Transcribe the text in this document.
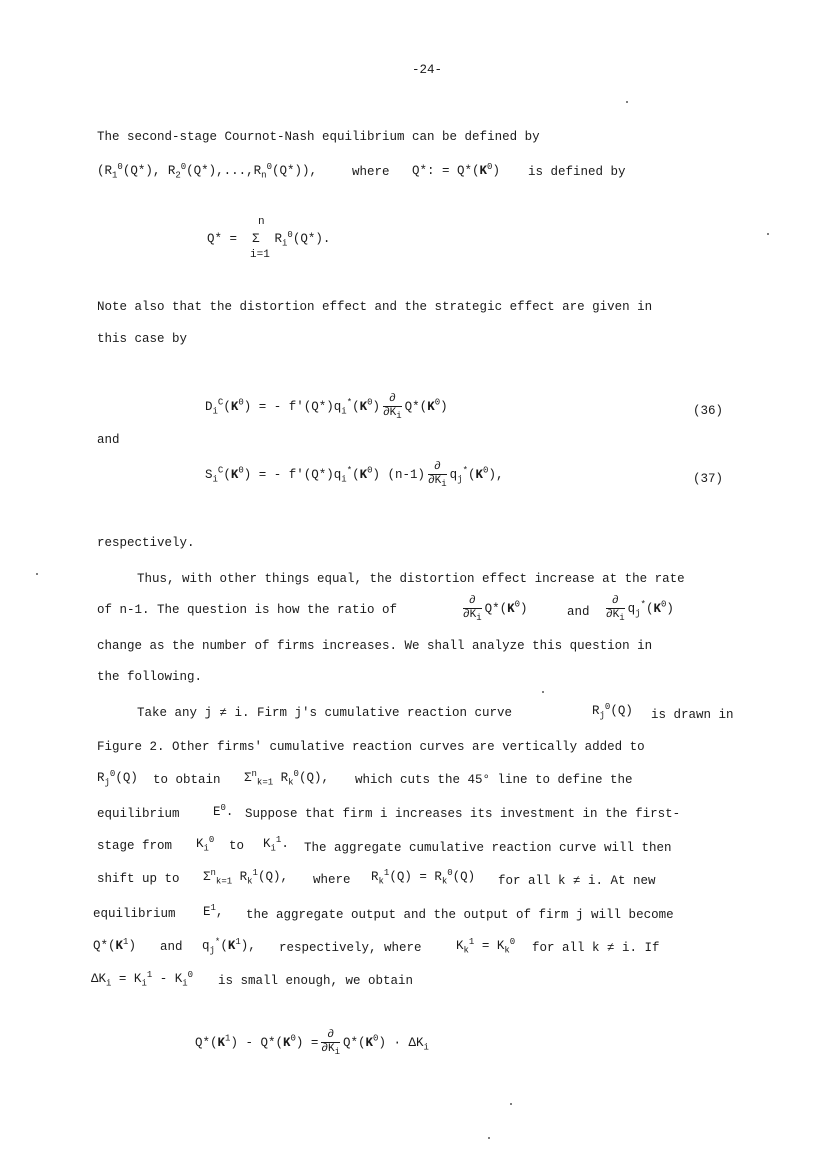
-24-
The second-stage Cournot-Nash equilibrium can be defined by
($R_1^0(Q*)$, $R_2^0(Q*),...,R_n^0(Q*)$),	where Q*: = $Q*(K^0)$ is defined by
n
Q* =  Σ  $R_i^0(Q*)$.
i=1
Note also that the distortion effect and the strategic effect are given in
this case by
$D_i^C(K^0)$ = - $f'(Q*)q_i^*(K^0) \frac{\partial}{\partial K_i} Q*(K^0)$	(36)
and
$S_i^C(K^0)$ = - $f'(Q*)q_i^*(K^0)$ $(n-1) \frac{\partial}{\partial K_i} q_j^*(K^0)$,	(37)
respectively.
Thus, with other things equal, the distortion effect increase at the rate
of n-1. The question is how the ratio of	$\frac{\partial}{\partial K_i} Q*(K^0)$	and $\frac{\partial}{\partial K_i} q_j^*(K^0)$
change as the number of firms increases. We shall analyze this question in
the following.
Take any j ≠ i. Firm j's cumulative reaction curve	$R_j^0(Q)$ is drawn in
Figure 2. Other firms' cumulative reaction curves are vertically added to
$R_j^0(Q)$ to obtain $\Sigma^n_{k=1}$ $R_k^0(Q)$, which cuts the 45° line to define the
equilibrium	$E^0$. Suppose that firm i increases its investment in the first-
stage from $K_i^0$ to $K_i^1$. The aggregate cumulative reaction curve will then
shift up to $\Sigma^n_{k=1}$ $R_k^1(Q)$, where $R_k^1(Q) = R_k^0(Q)$ for all k ≠ i. At new
equilibrium $E^1$, the aggregate output and the output of firm j will become
$Q*(K^1)$ and $q_j^*(K^1)$, respectively, where	$K_k^1 = K_k^0$ for all k ≠ i. If
$\Delta K_i = K_i^1 - K_i^0$ is small enough, we obtain
$Q*(K^1) - Q*(K^0) = \frac{\partial}{\partial K_i} Q*(K^0) \cdot \Delta K_i$
